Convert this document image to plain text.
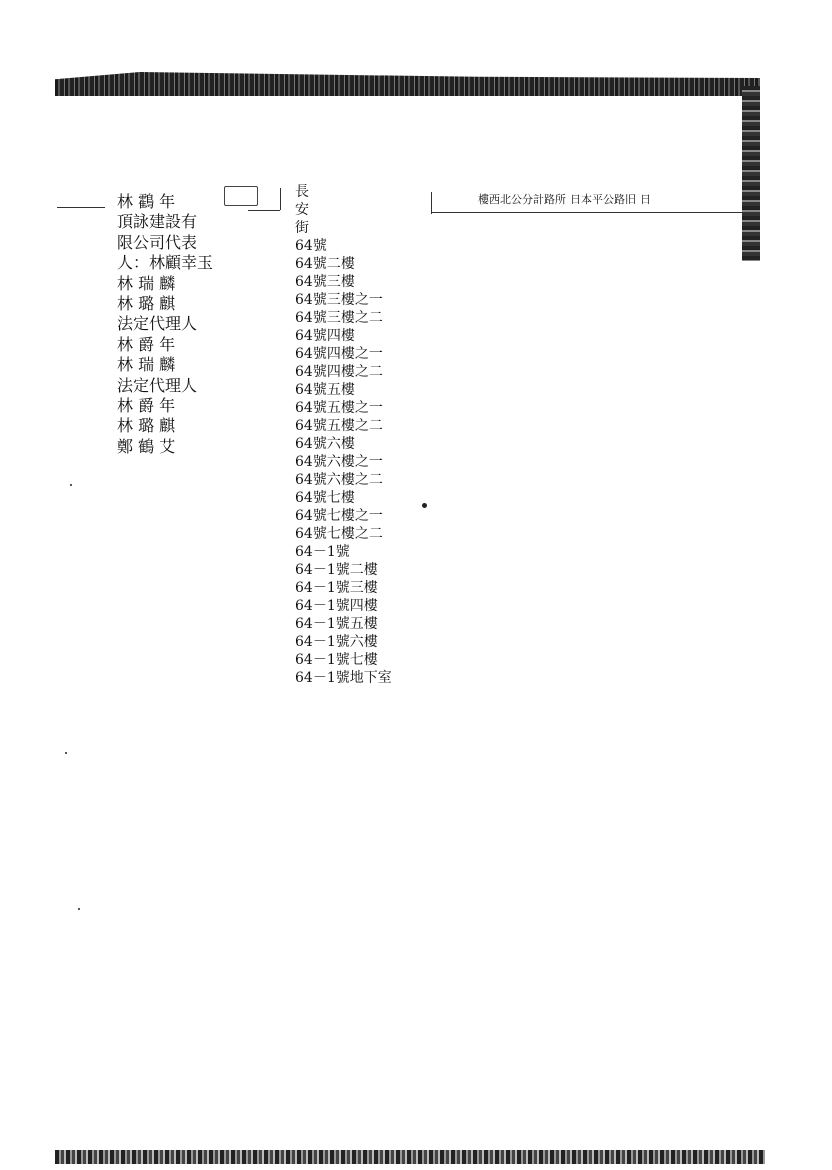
林 鸖 年
頂詠建設有
限公司代表
人：林顧幸玉
林 瑞 麟
林 璐 麒
法定代理人
林 爵 年
林 瑞 麟
法定代理人
林 爵 年
林 璐 麒
鄭 鶴 艾
長
安
街
64號
64號二樓
64號三樓
64號三樓之一
64號三樓之二
64號四樓
64號四樓之一
64號四樓之二
64號五樓
64號五樓之一
64號五樓之二
64號六樓
64號六樓之一
64號六樓之二
64號七樓
64號七樓之一
64號七樓之二
64－1號
64－1號二樓
64－1號三樓
64－1號四樓
64－1號五樓
64－1號六樓
64－1號七樓
64－1號地下室
樓西北公分計路所 日本平公路旧 日
